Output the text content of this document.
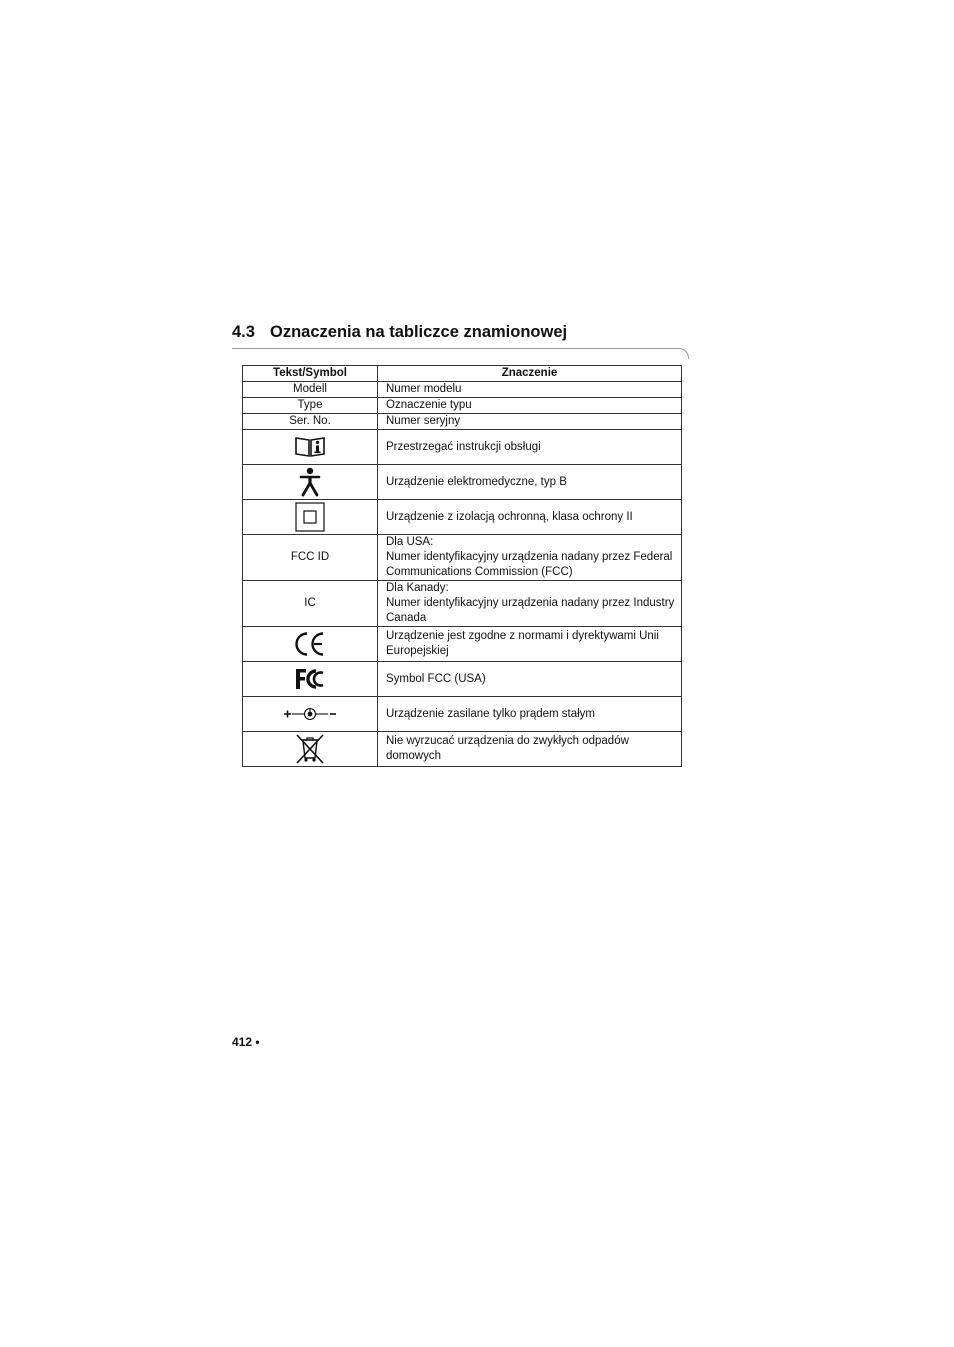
4.3 Oznaczenia na tabliczce znamionowej
Tekst/Symbol	Znaczenie
Modell	Numer modelu

Type	Oznaczenie typu

Ser. No.	Numer seryjny

Przestrzegać instrukcji obsługi

Urządzenie elektromedyczne, typ B

Urządzenie z izolacją ochronną, klasa ochrony II

FCC ID	Dla USA:
Numer identyfikacyjny urządzenia nadany przez Federal
Communications Commission (FCC)

IC	Dla Kanady:
Numer identyfikacyjny urządzenia nadany przez Industry
Canada

Urządzenie jest zgodne z normami i dyrektywami Unii
Europejskiej

Symbol FCC (USA)

Urządzenie zasilane tylko prądem stałym

Nie wyrzucać urządzenia do zwykłych odpadów
domowych
412 •
